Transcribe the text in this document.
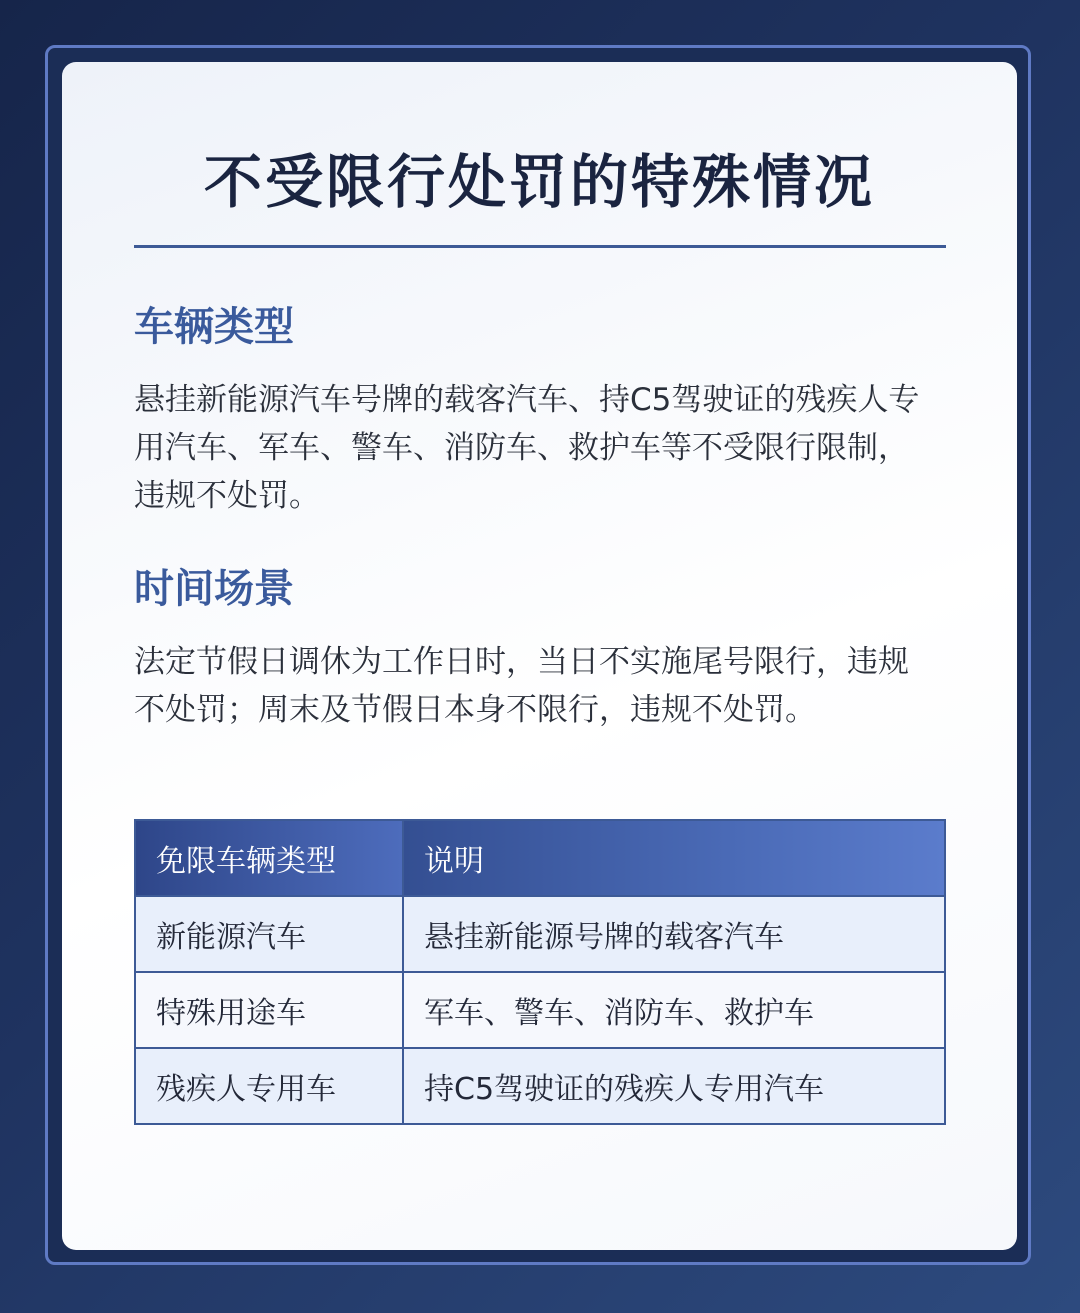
不受限行处罚的特殊情况
车辆类型
悬挂新能源汽车号牌的载客汽车、持C5驾驶证的残疾人专用汽车、军车、警车、消防车、救护车等不受限行限制，违规不处罚。
时间场景
法定节假日调休为工作日时，当日不实施尾号限行，违规不处罚；周末及节假日本身不限行，违规不处罚。
免限车辆类型	说明
新能源汽车	悬挂新能源号牌的载客汽车
特殊用途车	军车、警车、消防车、救护车
残疾人专用车	持C5驾驶证的残疾人专用汽车
